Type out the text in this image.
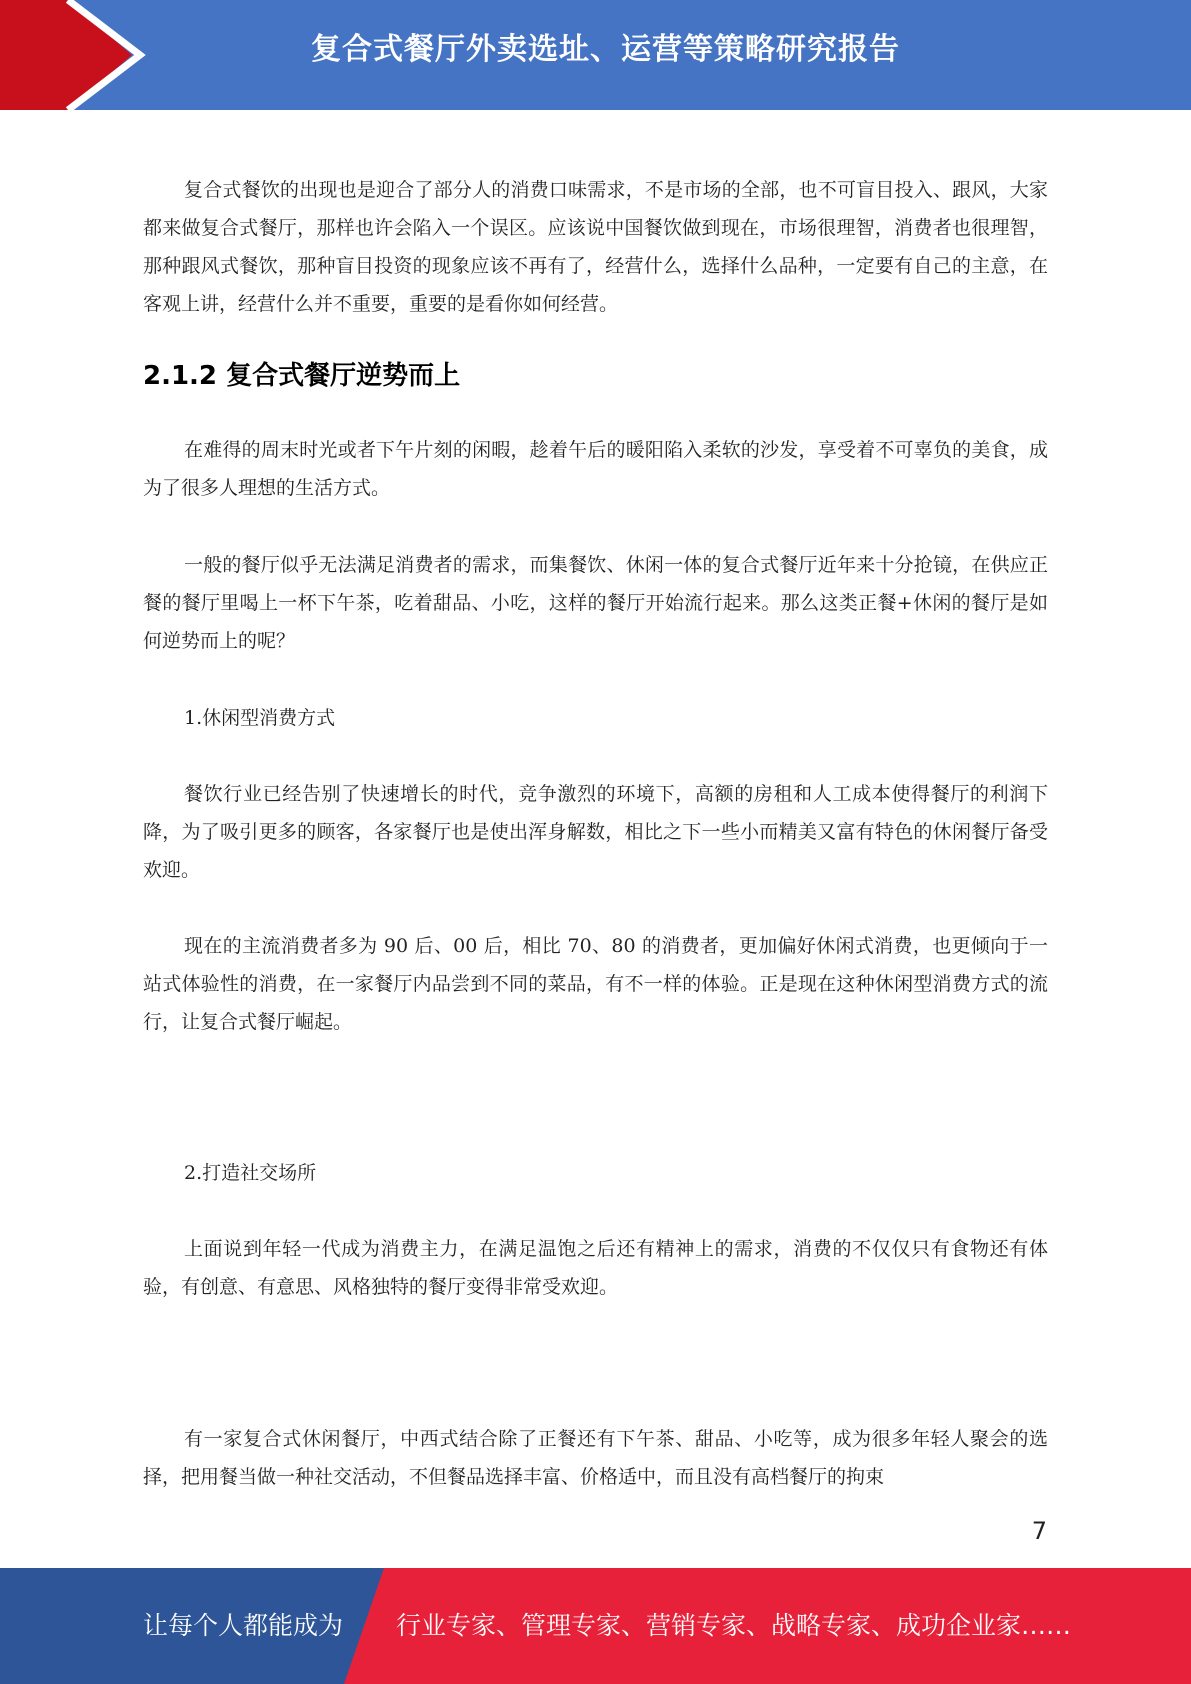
复合式餐厅外卖选址、运营等策略研究报告

复合式餐饮的出现也是迎合了部分人的消费口味需求，不是市场的全部，也不可盲目投入、跟风，大家都来做复合式餐厅，那样也许会陷入一个误区。应该说中国餐饮做到现在，市场很理智，消费者也很理智，那种跟风式餐饮，那种盲目投资的现象应该不再有了，经营什么，选择什么品种，一定要有自己的主意，在客观上讲，经营什么并不重要，重要的是看你如何经营。

2.1.2 复合式餐厅逆势而上

在难得的周末时光或者下午片刻的闲暇，趁着午后的暖阳陷入柔软的沙发，享受着不可辜负的美食，成为了很多人理想的生活方式。

一般的餐厅似乎无法满足消费者的需求，而集餐饮、休闲一体的复合式餐厅近年来十分抢镜，在供应正餐的餐厅里喝上一杯下午茶，吃着甜品、小吃，这样的餐厅开始流行起来。那么这类正餐+休闲的餐厅是如何逆势而上的呢？

1.休闲型消费方式

餐饮行业已经告别了快速增长的时代，竞争激烈的环境下，高额的房租和人工成本使得餐厅的利润下降，为了吸引更多的顾客，各家餐厅也是使出浑身解数，相比之下一些小而精美又富有特色的休闲餐厅备受欢迎。

现在的主流消费者多为 90 后、00 后，相比 70、80 的消费者，更加偏好休闲式消费，也更倾向于一站式体验性的消费，在一家餐厅内品尝到不同的菜品，有不一样的体验。正是现在这种休闲型消费方式的流行，让复合式餐厅崛起。

2.打造社交场所

上面说到年轻一代成为消费主力，在满足温饱之后还有精神上的需求，消费的不仅仅只有食物还有体验，有创意、有意思、风格独特的餐厅变得非常受欢迎。

有一家复合式休闲餐厅，中西式结合除了正餐还有下午茶、甜品、小吃等，成为很多年轻人聚会的选择，把用餐当做一种社交活动，不但餐品选择丰富、价格适中，而且没有高档餐厅的拘束

7
让每个人都能成为 行业专家、管理专家、营销专家、战略专家、成功企业家……
